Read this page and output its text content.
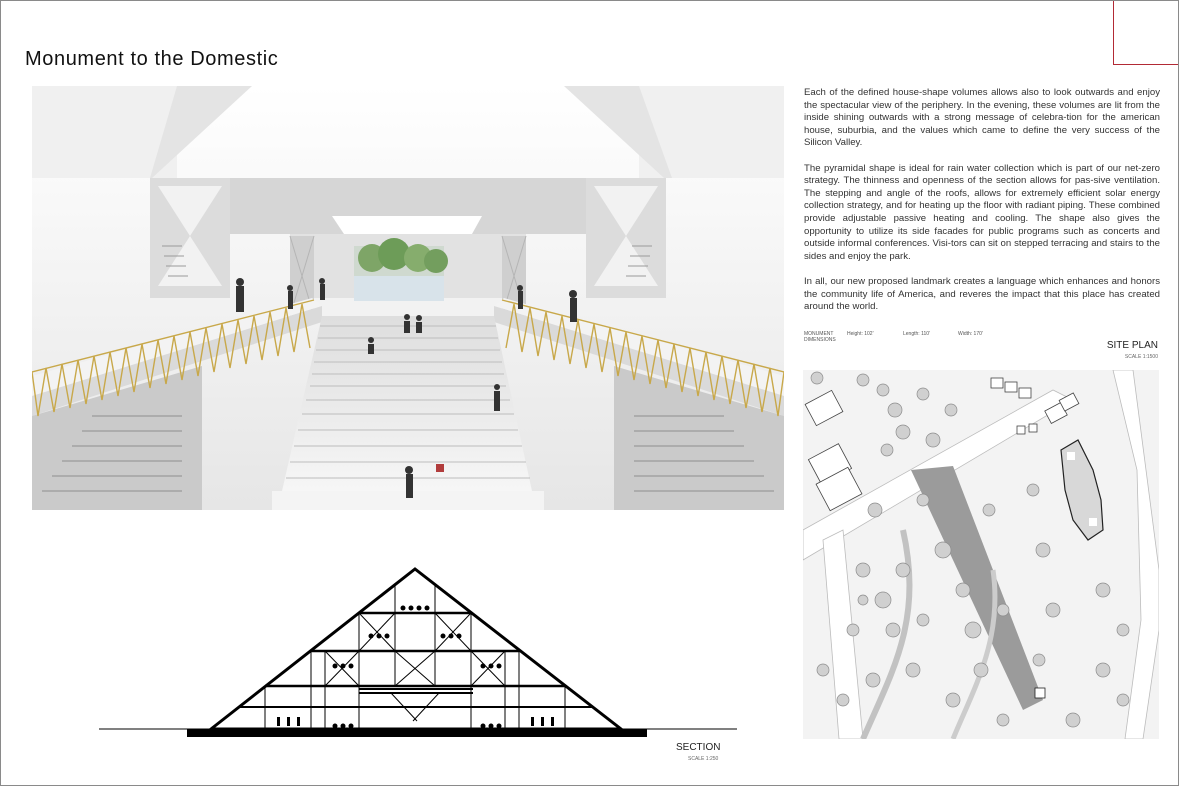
Monument to the Domestic

Each of the defined house-shape volumes allows also to look outwards and enjoy the spectacular view of the periphery. In the evening, these volumes are lit from the inside shining outwards with a strong message of celebra-tion for the american house, suburbia, and the values which came to define the very success of the Silicon Valley.

The pyramidal shape is ideal for rain water collection which is part of our net-zero strategy. The thinness and openness of the section allows for pas-sive ventilation. The stepping and angle of the roofs, allows for extremely efficient solar energy collection strategy, and for heating up the floor with radiant piping. These combined provide adjustable passive heating and cooling. The shape also gives the opportunity to utilize its side facades for public programs such as concerts and outside informal conferences. Visi-tors can sit on stepped terracing and stairs to the sides and enjoy the park.

In all, our new proposed landmark creates a language which enhances and honors the community life of America, and reveres the impact that this place has created around the world.

MONUMENT DIMENSIONS
Height: 102'	Length: 110'	Width: 170'
SITE PLAN
SCALE 1:1500
SECTION
SCALE 1:250
